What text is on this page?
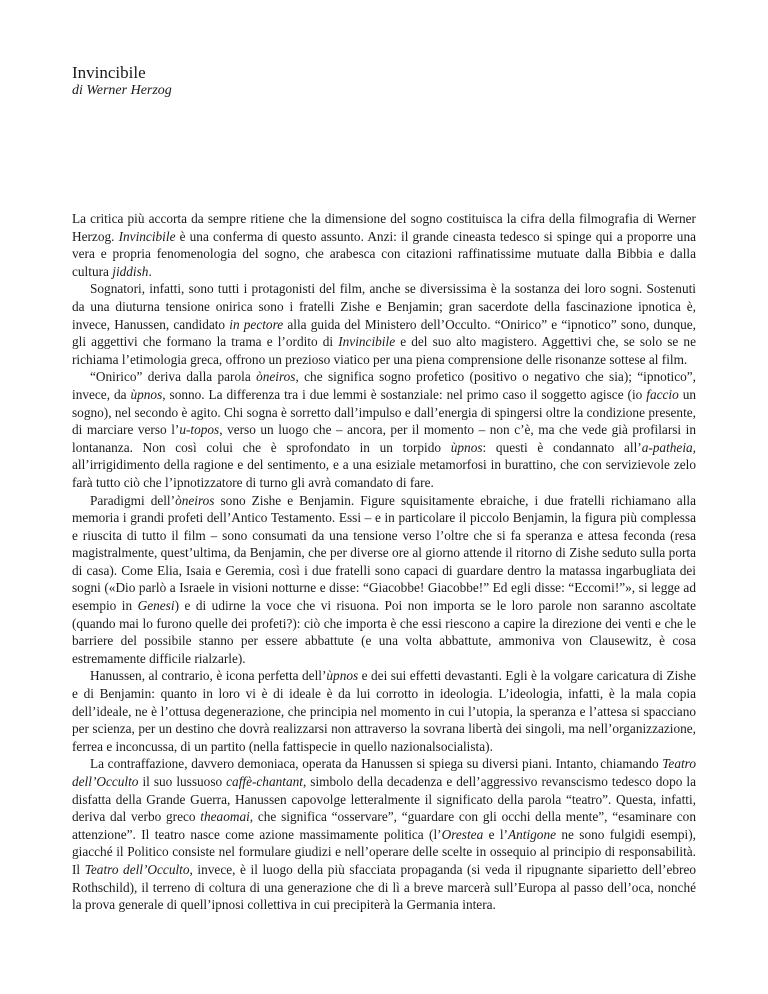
Invincibile
di Werner Herzog

La critica più accorta da sempre ritiene che la dimensione del sogno costituisca la cifra della filmografia di Werner Herzog. Invincibile è una conferma di questo assunto. Anzi: il grande cineasta tedesco si spinge qui a proporre una vera e propria fenomenologia del sogno, che arabesca con citazioni raffinatissime mutuate dalla Bibbia e dalla cultura jiddish.

Sognatori, infatti, sono tutti i protagonisti del film, anche se diversissima è la sostanza dei loro sogni. Sostenuti da una diuturna tensione onirica sono i fratelli Zishe e Benjamin; gran sacerdote della fascinazione ipnotica è, invece, Hanussen, candidato in pectore alla guida del Ministero dell’Occulto. “Onirico” e “ipnotico” sono, dunque, gli aggettivi che formano la trama e l’ordito di Invincibile e del suo alto magistero. Aggettivi che, se solo se ne richiama l’etimologia greca, offrono un prezioso viatico per una piena comprensione delle risonanze sottese al film.

“Onirico” deriva dalla parola òneiros, che significa sogno profetico (positivo o negativo che sia); “ipnotico”, invece, da ùpnos, sonno. La differenza tra i due lemmi è sostanziale: nel primo caso il soggetto agisce (io faccio un sogno), nel secondo è agito. Chi sogna è sorretto dall’impulso e dall’energia di spingersi oltre la condizione presente, di marciare verso l’u-topos, verso un luogo che – ancora, per il momento – non c’è, ma che vede già profilarsi in lontananza. Non così colui che è sprofondato in un torpido ùpnos: questi è condannato all’a-patheia, all’irrigidimento della ragione e del sentimento, e a una esiziale metamorfosi in burattino, che con servizievole zelo farà tutto ciò che l’ipnotizzatore di turno gli avrà comandato di fare.

Paradigmi dell’òneiros sono Zishe e Benjamin. Figure squisitamente ebraiche, i due fratelli richiamano alla memoria i grandi profeti dell’Antico Testamento. Essi – e in particolare il piccolo Benjamin, la figura più complessa e riuscita di tutto il film – sono consumati da una tensione verso l’oltre che si fa speranza e attesa feconda (resa magistralmente, quest’ultima, da Benjamin, che per diverse ore al giorno attende il ritorno di Zishe seduto sulla porta di casa). Come Elia, Isaia e Geremia, così i due fratelli sono capaci di guardare dentro la matassa ingarbugliata dei sogni («Dio parlò a Israele in visioni notturne e disse: “Giacobbe! Giacobbe!” Ed egli disse: “Eccomi!”», si legge ad esempio in Genesi) e di udirne la voce che vi risuona. Poi non importa se le loro parole non saranno ascoltate (quando mai lo furono quelle dei profeti?): ciò che importa è che essi riescono a capire la direzione dei venti e che le barriere del possibile stanno per essere abbattute (e una volta abbattute, ammoniva von Clausewitz, è cosa estremamente difficile rialzarle).

Hanussen, al contrario, è icona perfetta dell’ùpnos e dei sui effetti devastanti. Egli è la volgare caricatura di Zishe e di Benjamin: quanto in loro vi è di ideale è da lui corrotto in ideologia. L’ideologia, infatti, è la mala copia dell’ideale, ne è l’ottusa degenerazione, che principia nel momento in cui l’utopia, la speranza e l’attesa si spacciano per scienza, per un destino che dovrà realizzarsi non attraverso la sovrana libertà dei singoli, ma nell’organizzazione, ferrea e inconcussa, di un partito (nella fattispecie in quello nazionalsocialista).

La contraffazione, davvero demoniaca, operata da Hanussen si spiega su diversi piani. Intanto, chiamando Teatro dell’Occulto il suo lussuoso caffè-chantant, simbolo della decadenza e dell’aggressivo revanscismo tedesco dopo la disfatta della Grande Guerra, Hanussen capovolge letteralmente il significato della parola “teatro”. Questa, infatti, deriva dal verbo greco theaomai, che significa “osservare”, “guardare con gli occhi della mente”, “esaminare con attenzione”. Il teatro nasce come azione massimamente politica (l’Orestea e l’Antigone ne sono fulgidi esempi), giacché il Politico consiste nel formulare giudizi e nell’operare delle scelte in ossequio al principio di responsabilità. Il Teatro dell’Occulto, invece, è il luogo della più sfacciata propaganda (si veda il ripugnante siparietto dell’ebreo Rothschild), il terreno di coltura di una generazione che di lì a breve marcerà sull’Europa al passo dell’oca, nonché la prova generale di quell’ipnosi collettiva in cui precipiterà la Germania intera.
